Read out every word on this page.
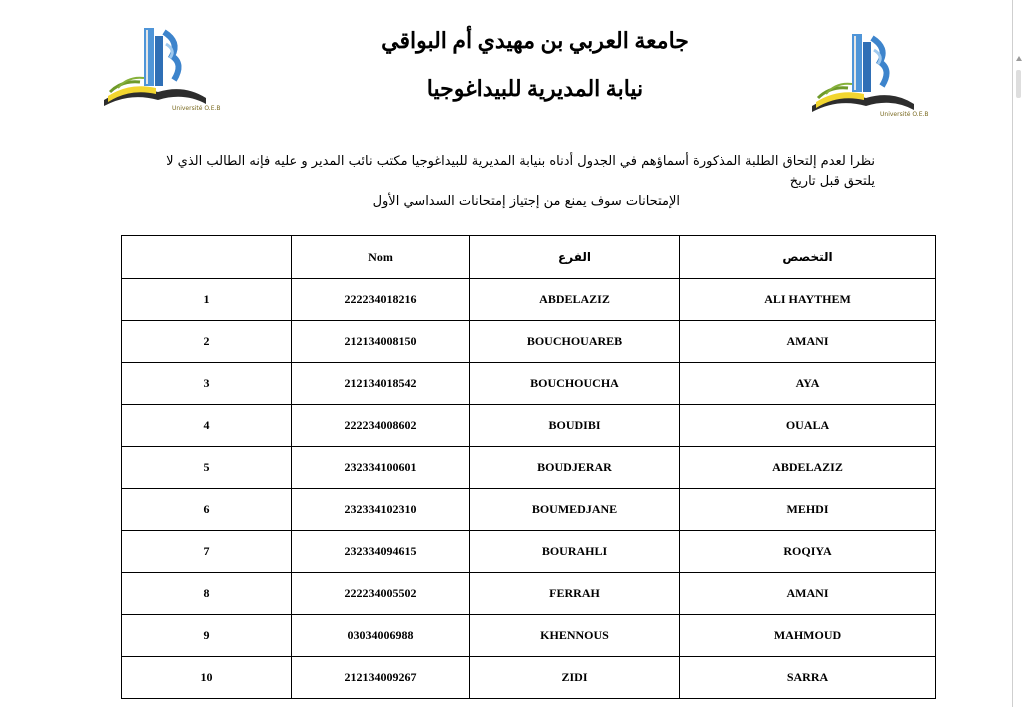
Université O.E.B
Université O.E.B
جامعة العربي بن مهيدي أم البواقي
نيابة المديرية للبيداغوجيا
نظرا لعدم إلتحاق الطلبة المذكورة أسماؤهم في الجدول أدناه بنيابة المديرية للبيداغوجيا مكتب نائب المدير و عليه فإنه الطالب الذي لا يلتحق قبل تاريخ
الإمتحانات سوف يمنع من إجتياز إمتحانات السداسي الأول
	Nom	الفرع	التخصص
1	222234018216	ABDELAZIZ	ALI HAYTHEM
2	212134008150	BOUCHOUAREB	AMANI
3	212134018542	BOUCHOUCHA	AYA
4	222234008602	BOUDIBI	OUALA
5	232334100601	BOUDJERAR	ABDELAZIZ
6	232334102310	BOUMEDJANE	MEHDI
7	232334094615	BOURAHLI	ROQIYA
8	222234005502	FERRAH	AMANI
9	03034006988	KHENNOUS	MAHMOUD
10	212134009267	ZIDI	SARRA
